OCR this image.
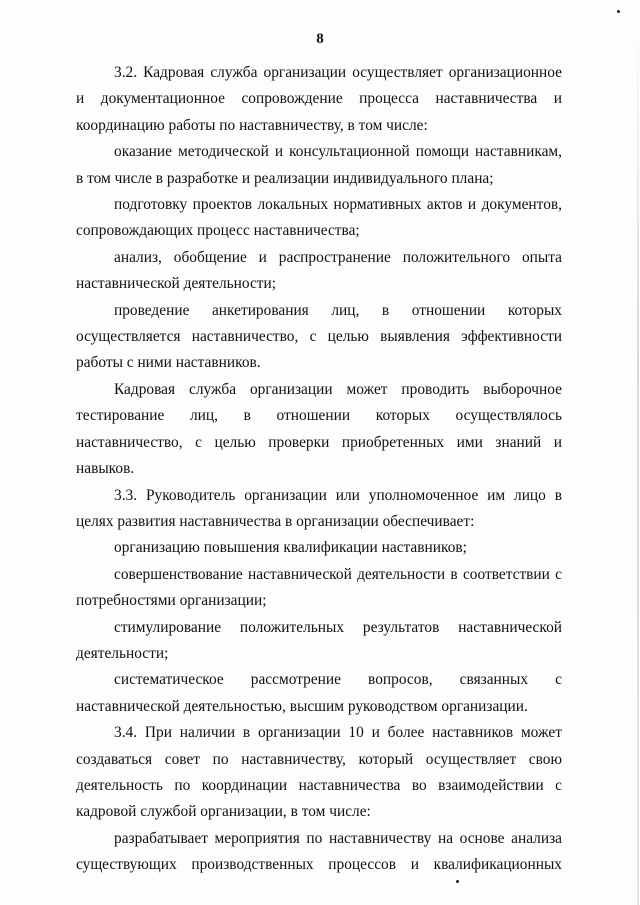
8

3.2. Кадровая служба организации осуществляет организационное и документационное сопровождение процесса наставничества и координацию работы по наставничеству, в том числе:

оказание методической и консультационной помощи наставникам, в том числе в разработке и реализации индивидуального плана;

подготовку проектов локальных нормативных актов и документов, сопровождающих процесс наставничества;

анализ, обобщение и распространение положительного опыта наставнической деятельности;

проведение анкетирования лиц, в отношении которых осуществляется наставничество, с целью выявления эффективности работы с ними наставников.

Кадровая служба организации может проводить выборочное тестирование лиц, в отношении которых осуществлялось наставничество, с целью проверки приобретенных ими знаний и навыков.

3.3. Руководитель организации или уполномоченное им лицо в целях развития наставничества в организации обеспечивает:

организацию повышения квалификации наставников;

совершенствование наставнической деятельности в соответствии с потребностями организации;

стимулирование положительных результатов наставнической деятельности;

систематическое рассмотрение вопросов, связанных с наставнической деятельностью, высшим руководством организации.

3.4. При наличии в организации 10 и более наставников может создаваться совет по наставничеству, который осуществляет свою деятельность по координации наставничества во взаимодействии с кадровой службой организации, в том числе:

разрабатывает мероприятия по наставничеству на основе анализа существующих производственных процессов и квалификационных
